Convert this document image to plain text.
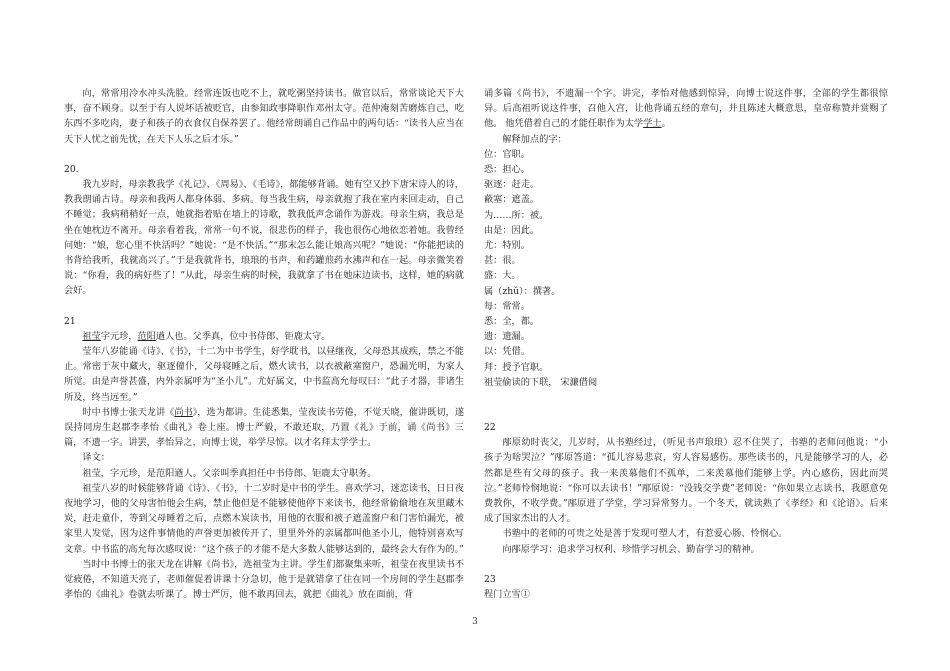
向，常常用冷水冲头洗脸。经常连饭也吃不上，就吃粥坚持读书。做官以后，常常谈论天下大事，奋不顾身。以至于有人说坏话被贬官，由参知政事降职作邓州太守。范仲淹刻苦磨炼自己，吃东西不多吃肉，妻子和孩子的衣食仅自保养罢了。他经常朗诵自己作品中的两句话：“读书人应当在天下人忧之前先忧，在天下人乐之后才乐。”

20.

我九岁时，母亲教我学《礼记》、《周易》、《毛诗》，都能够背诵。她有空又抄下唐宋诗人的诗，教我朗诵古诗。母亲和我两人都身体弱、多病。每当我生病，母亲就抱了我在室内来回走动，自己不睡觉；我病稍稍好一点，她就指着贴在墙上的诗歌，教我低声念诵作为游戏。母亲生病，我总是坐在她枕边不离开。母亲看着我，常常一句不说，很悲伤的样子，我也很伤心地依恋着她。我曾经问她：“娘，您心里不快活吗？”她说：“是不快活。”“那末怎么能让娘高兴呢？”她说：“你能把读的书背给我听，我就高兴了。”于是我就背书，琅琅的书声，和药罐煎药水沸声和在一起。母亲微笑着说：“你看，我的病好些了！”从此，母亲生病的时候，我就拿了书在她床边读书，这样，她的病就会好。

21

祖莹字元珍，范阳遒人也。父季真，位中书侍郎、钜鹿太守。

莹年八岁能诵《诗》、《书》，十二为中书学生，好学耽书，以昼继夜，父母恐其成疾，禁之不能止。常密于灰中藏火，驱逐僮仆，父母寝睡之后，燃火读书，以衣被蔽塞窗户，恐漏光明，为家人所觉。由是声誉甚盛，内外亲属呼为“圣小儿”。尤好属文，中书监高允每叹曰：“此子才器，非诸生所及，终当远至。”

时中书博士张天龙讲《尚书》，选为都讲。生徒悉集，莹夜读书劳倦，不觉天晓，催讲既切，遂误持同房生赵郡李孝怡《曲礼》卷上座。博士严毅，不敢还取，乃置《礼》于前，诵《尚书》三篇，不遗一字。讲罢，孝怡异之，向博士说，举学尽惊。以才名拜太学学士。

译文：

祖莹，字元珍，是范阳遒人。父亲叫季真担任中书侍郎、钜鹿太守职务。

祖莹八岁的时候能够背诵《诗》、《书》，十二岁时是中书的学生。喜欢学习，迷恋读书，日日夜夜地学习，他的父母害怕他会生病，禁止他但是不能够使他停下来读书，他经常偷偷地在灰里藏木炭，赶走童仆，等到父母睡着之后，点燃木炭读书，用他的衣服和被子遮盖窗户和门害怕漏光，被家里人发觉，因为这件事情他的声誉更加被传开了，里里外外的亲属都叫他圣小儿，他特别喜欢写文章。中书监的高允每次感叹说：“这个孩子的才能不是大多数人能够达到的，最终会大有作为的。”

当时中书博士的张天龙在讲解《尚书》，选祖莹为主讲。学生们都聚集来听，祖莹在夜里读书不觉疲倦，不知道天亮了，老师催促着讲课十分急切，他于是就错拿了住在同一个房间的学生赵郡李孝怡的《曲礼》卷就去听课了。博士严厉，他不敢再回去，就把《曲礼》放在面前，背

诵多篇《尚书》，不遗漏一个字。讲完，孝怡对他感到惊异，向博士说这件事，全部的学生都很惊异。后高祖听说这件事，召他入宫，让他背诵五经的章句，并且陈述大概意思，皇帝称赞并赏赐了他。 他凭借着自己的才能任职作为太学学士。

解释加点的字：

位：官职。

恐：担心。

驱逐：赶走。

蔽塞：遮盖。

为……所：被。

由是：因此。

尤：特别。

甚：很。

盛：大。

属（zhǔ）：撰著。

每：常常。

悉：全，都。

遗：遗漏。

以：凭借。

拜：授予官职。

祖莹偷读的下联， 宋濂借阅

22

邴原幼时丧父，儿岁时，从书塾经过，（听见书声琅琅）忍不住哭了，书塾的老师问他说：“小孩子为啥哭泣？”邴原答道：“孤儿容易悲哀，穷人容易感伤。那些读书的，凡是能够学习的人，必然都是些有父母的孩子。我一来羡慕他们不孤单，二来羡慕他们能够上学。内心感伤，因此而哭泣。”老师怜悯地说：“你可以去读书！”邴原说：“没钱交学费”老师说：“你如果立志读书，我愿意免费教你，不收学费。”邴原进了学堂，学习异常努力。一个冬天，就读熟了《孝经》和《论语》。后来成了国家杰出的人才。

书塾中的老师的可贵之处是善于发现可塑人才，有惹爱心肠、怜悯心。

向邴原学习：追求学习权利、珍惜学习机会、勤奋学习的精神。

23

程门立雪①

3
